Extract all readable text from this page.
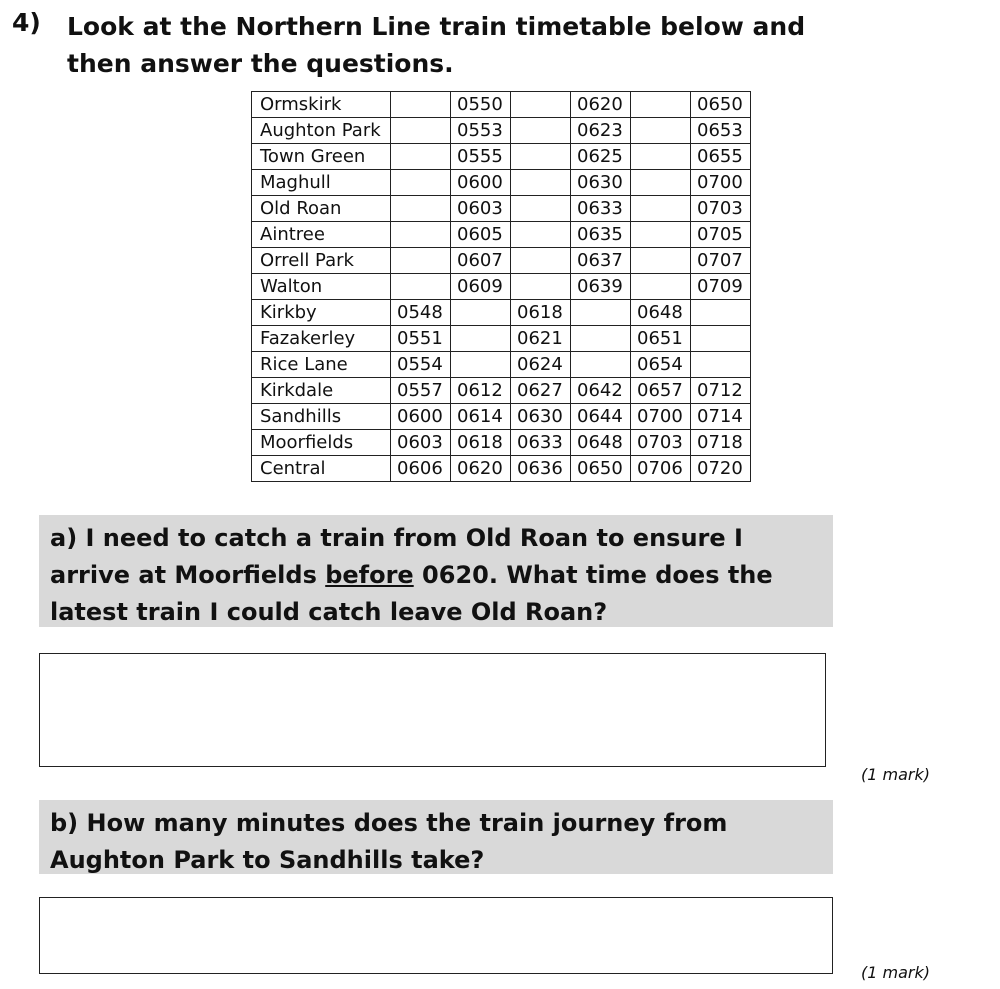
4) Look at the Northern Line train timetable below and then answer the questions.
Ormskirk		0550		0620		0650
Aughton Park		0553		0623		0653
Town Green		0555		0625		0655
Maghull		0600		0630		0700
Old Roan		0603		0633		0703
Aintree		0605		0635		0705
Orrell Park		0607		0637		0707
Walton		0609		0639		0709
Kirkby	0548		0618		0648	
Fazakerley	0551		0621		0651	
Rice Lane	0554		0624		0654	
Kirkdale	0557	0612	0627	0642	0657	0712
Sandhills	0600	0614	0630	0644	0700	0714
Moorfields	0603	0618	0633	0648	0703	0718
Central	0606	0620	0636	0650	0706	0720
a) I need to catch a train from Old Roan to ensure I arrive at Moorfields before 0620. What time does the latest train I could catch leave Old Roan?
(1 mark)
b) How many minutes does the train journey from Aughton Park to Sandhills take?
(1 mark)
